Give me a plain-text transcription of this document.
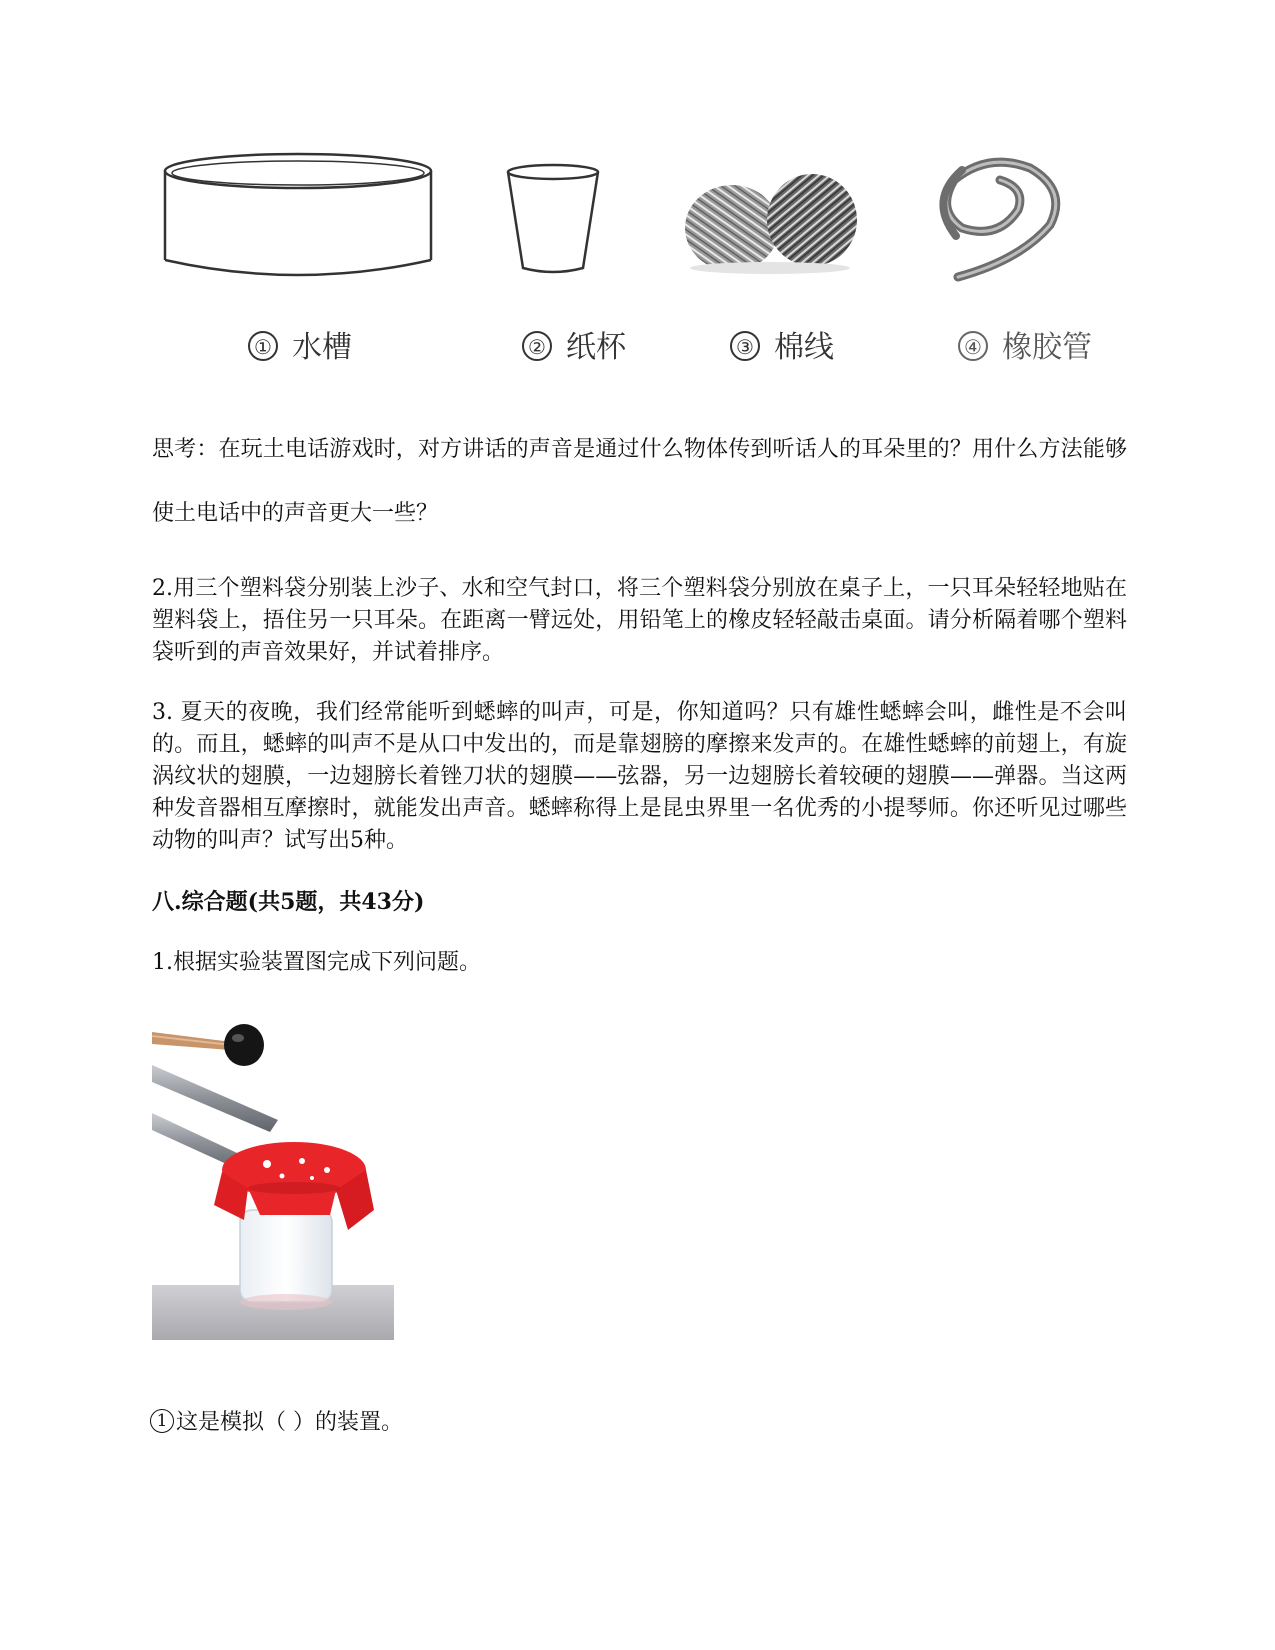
① 水槽	② 纸杯	③ 棉线	④ 橡胶管

思考：在玩土电话游戏时，对方讲话的声音是通过什么物体传到听话人的耳朵里的？用什么方法能够使土电话中的声音更大一些？

2.用三个塑料袋分别装上沙子、水和空气封口，将三个塑料袋分别放在桌子上，一只耳朵轻轻地贴在塑料袋上，捂住另一只耳朵。在距离一臂远处，用铅笔上的橡皮轻轻敲击桌面。请分析隔着哪个塑料袋听到的声音效果好，并试着排序。

3. 夏天的夜晚，我们经常能听到蟋蟀的叫声，可是，你知道吗？只有雄性蟋蟀会叫，雌性是不会叫的。而且，蟋蟀的叫声不是从口中发出的，而是靠翅膀的摩擦来发声的。在雄性蟋蟀的前翅上，有旋涡纹状的翅膜，一边翅膀长着锉刀状的翅膜——弦器，另一边翅膀长着较硬的翅膜——弹器。当这两种发音器相互摩擦时，就能发出声音。蟋蟀称得上是昆虫界里一名优秀的小提琴师。你还听见过哪些动物的叫声？试写出5种。

八.综合题(共5题，共43分)

1.根据实验装置图完成下列问题。

1 这是模拟（ ）的装置。
